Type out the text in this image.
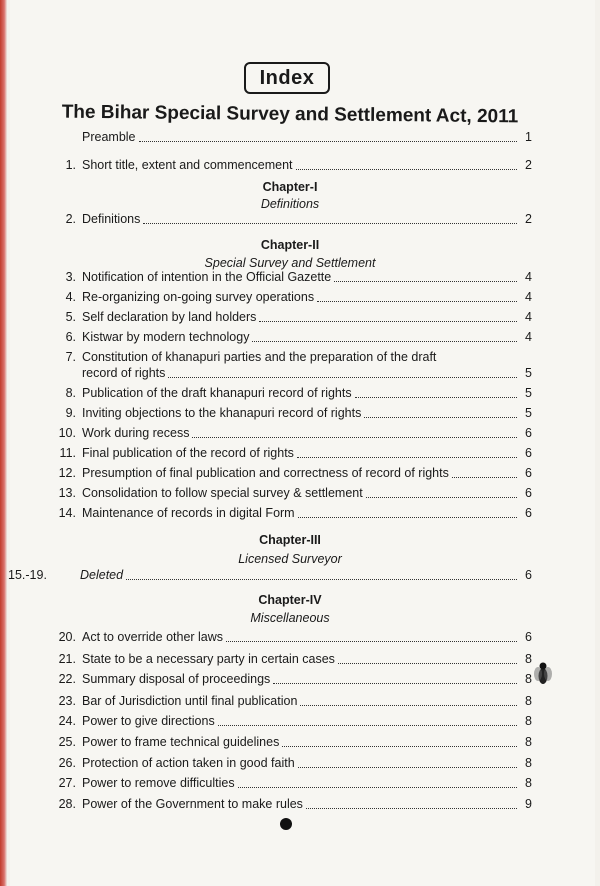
Index
The Bihar Special Survey and Settlement Act, 2011
Preamble	1
1. Short title, extent and commencement	2
Chapter-I
Definitions
2. Definitions	2
Chapter-II
Special Survey and Settlement
3. Notification of intention in the Official Gazette	4
4. Re-organizing on-going survey operations	4
5. Self declaration by land holders	4
6. Kistwar by modern technology	4
7. Constitution of khanapuri parties and the preparation of the draft
record of rights	5
8. Publication of the draft khanapuri record of rights	5
9. Inviting objections to the khanapuri record of rights	5
10. Work during recess	6
11. Final publication of the record of rights	6
12. Presumption of final publication and correctness of record of rights	6
13. Consolidation to follow special survey & settlement	6
14. Maintenance of records in digital Form	6
Chapter-III
Licensed Surveyor
15.-19.	Deleted	6
Chapter-IV
Miscellaneous
20. Act to override other laws	6
21. State to be a necessary party in certain cases	8
22. Summary disposal of proceedings	8
23. Bar of Jurisdiction until final publication	8
24. Power to give directions	8
25. Power to frame technical guidelines	8
26. Protection of action taken in good faith	8
27. Power to remove difficulties	8
28. Power of the Government to make rules	9
